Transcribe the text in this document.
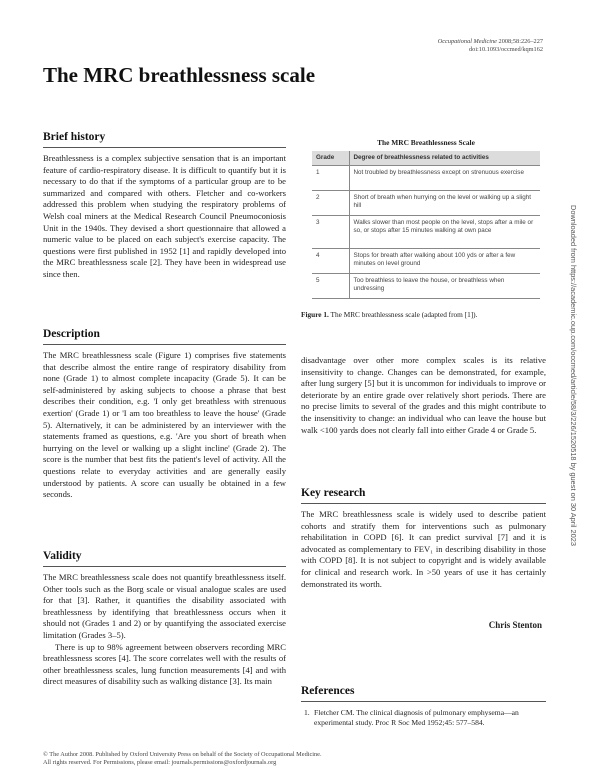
Occupational Medicine 2008;58:226–227
doi:10.1093/occmed/kqm162
The MRC breathlessness scale
Brief history

Breathlessness is a complex subjective sensation that is an important feature of cardio-respiratory disease. It is difficult to quantify but it is necessary to do that if the symptoms of a particular group are to be summarized and compared with others. Fletcher and co-workers addressed this problem when studying the respiratory problems of Welsh coal miners at the Medical Research Council Pneumoconiosis Unit in the 1940s. They devised a short questionnaire that allowed a numeric value to be placed on each subject's exercise capacity. The questions were first published in 1952 [1] and rapidly developed into the MRC breathlessness scale [2]. They have been in widespread use since then.

Description

The MRC breathlessness scale (Figure 1) comprises five statements that describe almost the entire range of respiratory disability from none (Grade 1) to almost complete incapacity (Grade 5). It can be self-administered by asking subjects to choose a phrase that best describes their condition, e.g. 'I only get breathless with strenuous exertion' (Grade 1) or 'I am too breathless to leave the house' (Grade 5). Alternatively, it can be administered by an interviewer with the statements framed as questions, e.g. 'Are you short of breath when hurrying on the level or walking up a slight incline' (Grade 2). The score is the number that best fits the patient's level of activity. All the questions relate to everyday activities and are generally easily understood by patients. A score can usually be obtained in a few seconds.

Validity

The MRC breathlessness scale does not quantify breathlessness itself. Other tools such as the Borg scale or visual analogue scales are used for that [3]. Rather, it quantifies the disability associated with breathlessness by identifying that breathlessness occurs when it should not (Grades 1 and 2) or by quantifying the associated exercise limitation (Grades 3–5).

There is up to 98% agreement between observers recording MRC breathlessness scores [4]. The score correlates well with the results of other breathlessness scales, lung function measurements [4] and with direct measures of disability such as walking distance [3]. Its main

The MRC Breathlessness Scale
Grade	Degree of breathlessness related to activities
1	Not troubled by breathlessness except on strenuous exercise
2	Short of breath when hurrying on the level or walking up a slight hill
3	Walks slower than most people on the level, stops after a mile or so, or stops after 15 minutes walking at own pace
4	Stops for breath after walking about 100 yds or after a few minutes on level ground
5	Too breathless to leave the house, or breathless when undressing
Figure 1. The MRC breathlessness scale (adapted from [1]).

disadvantage over other more complex scales is its relative insensitivity to change. Changes can be demonstrated, for example, after lung surgery [5] but it is uncommon for individuals to improve or deteriorate by an entire grade over relatively short periods. There are no precise limits to several of the grades and this might contribute to the insensitivity to change: an individual who can leave the house but walk <100 yards does not clearly fall into either Grade 4 or Grade 5.

Key research

The MRC breathlessness scale is widely used to describe patient cohorts and stratify them for interventions such as pulmonary rehabilitation in COPD [6]. It can predict survival [7] and it is advocated as complementary to FEV₁ in describing disability in those with COPD [8]. It is not subject to copyright and is widely available for clinical and research work. In >50 years of use it has certainly demonstrated its worth.

Chris Stenton
References
1. Fletcher CM. The clinical diagnosis of pulmonary emphysema—an experimental study. Proc R Soc Med 1952;45: 577–584.
© The Author 2008. Published by Oxford University Press on behalf of the Society of Occupational Medicine.
All rights reserved. For Permissions, please email: journals.permissions@oxfordjournals.org
Downloaded from https://academic.oup.com/occmed/article/58/3/226/1520518 by guest on 30 April 2023
